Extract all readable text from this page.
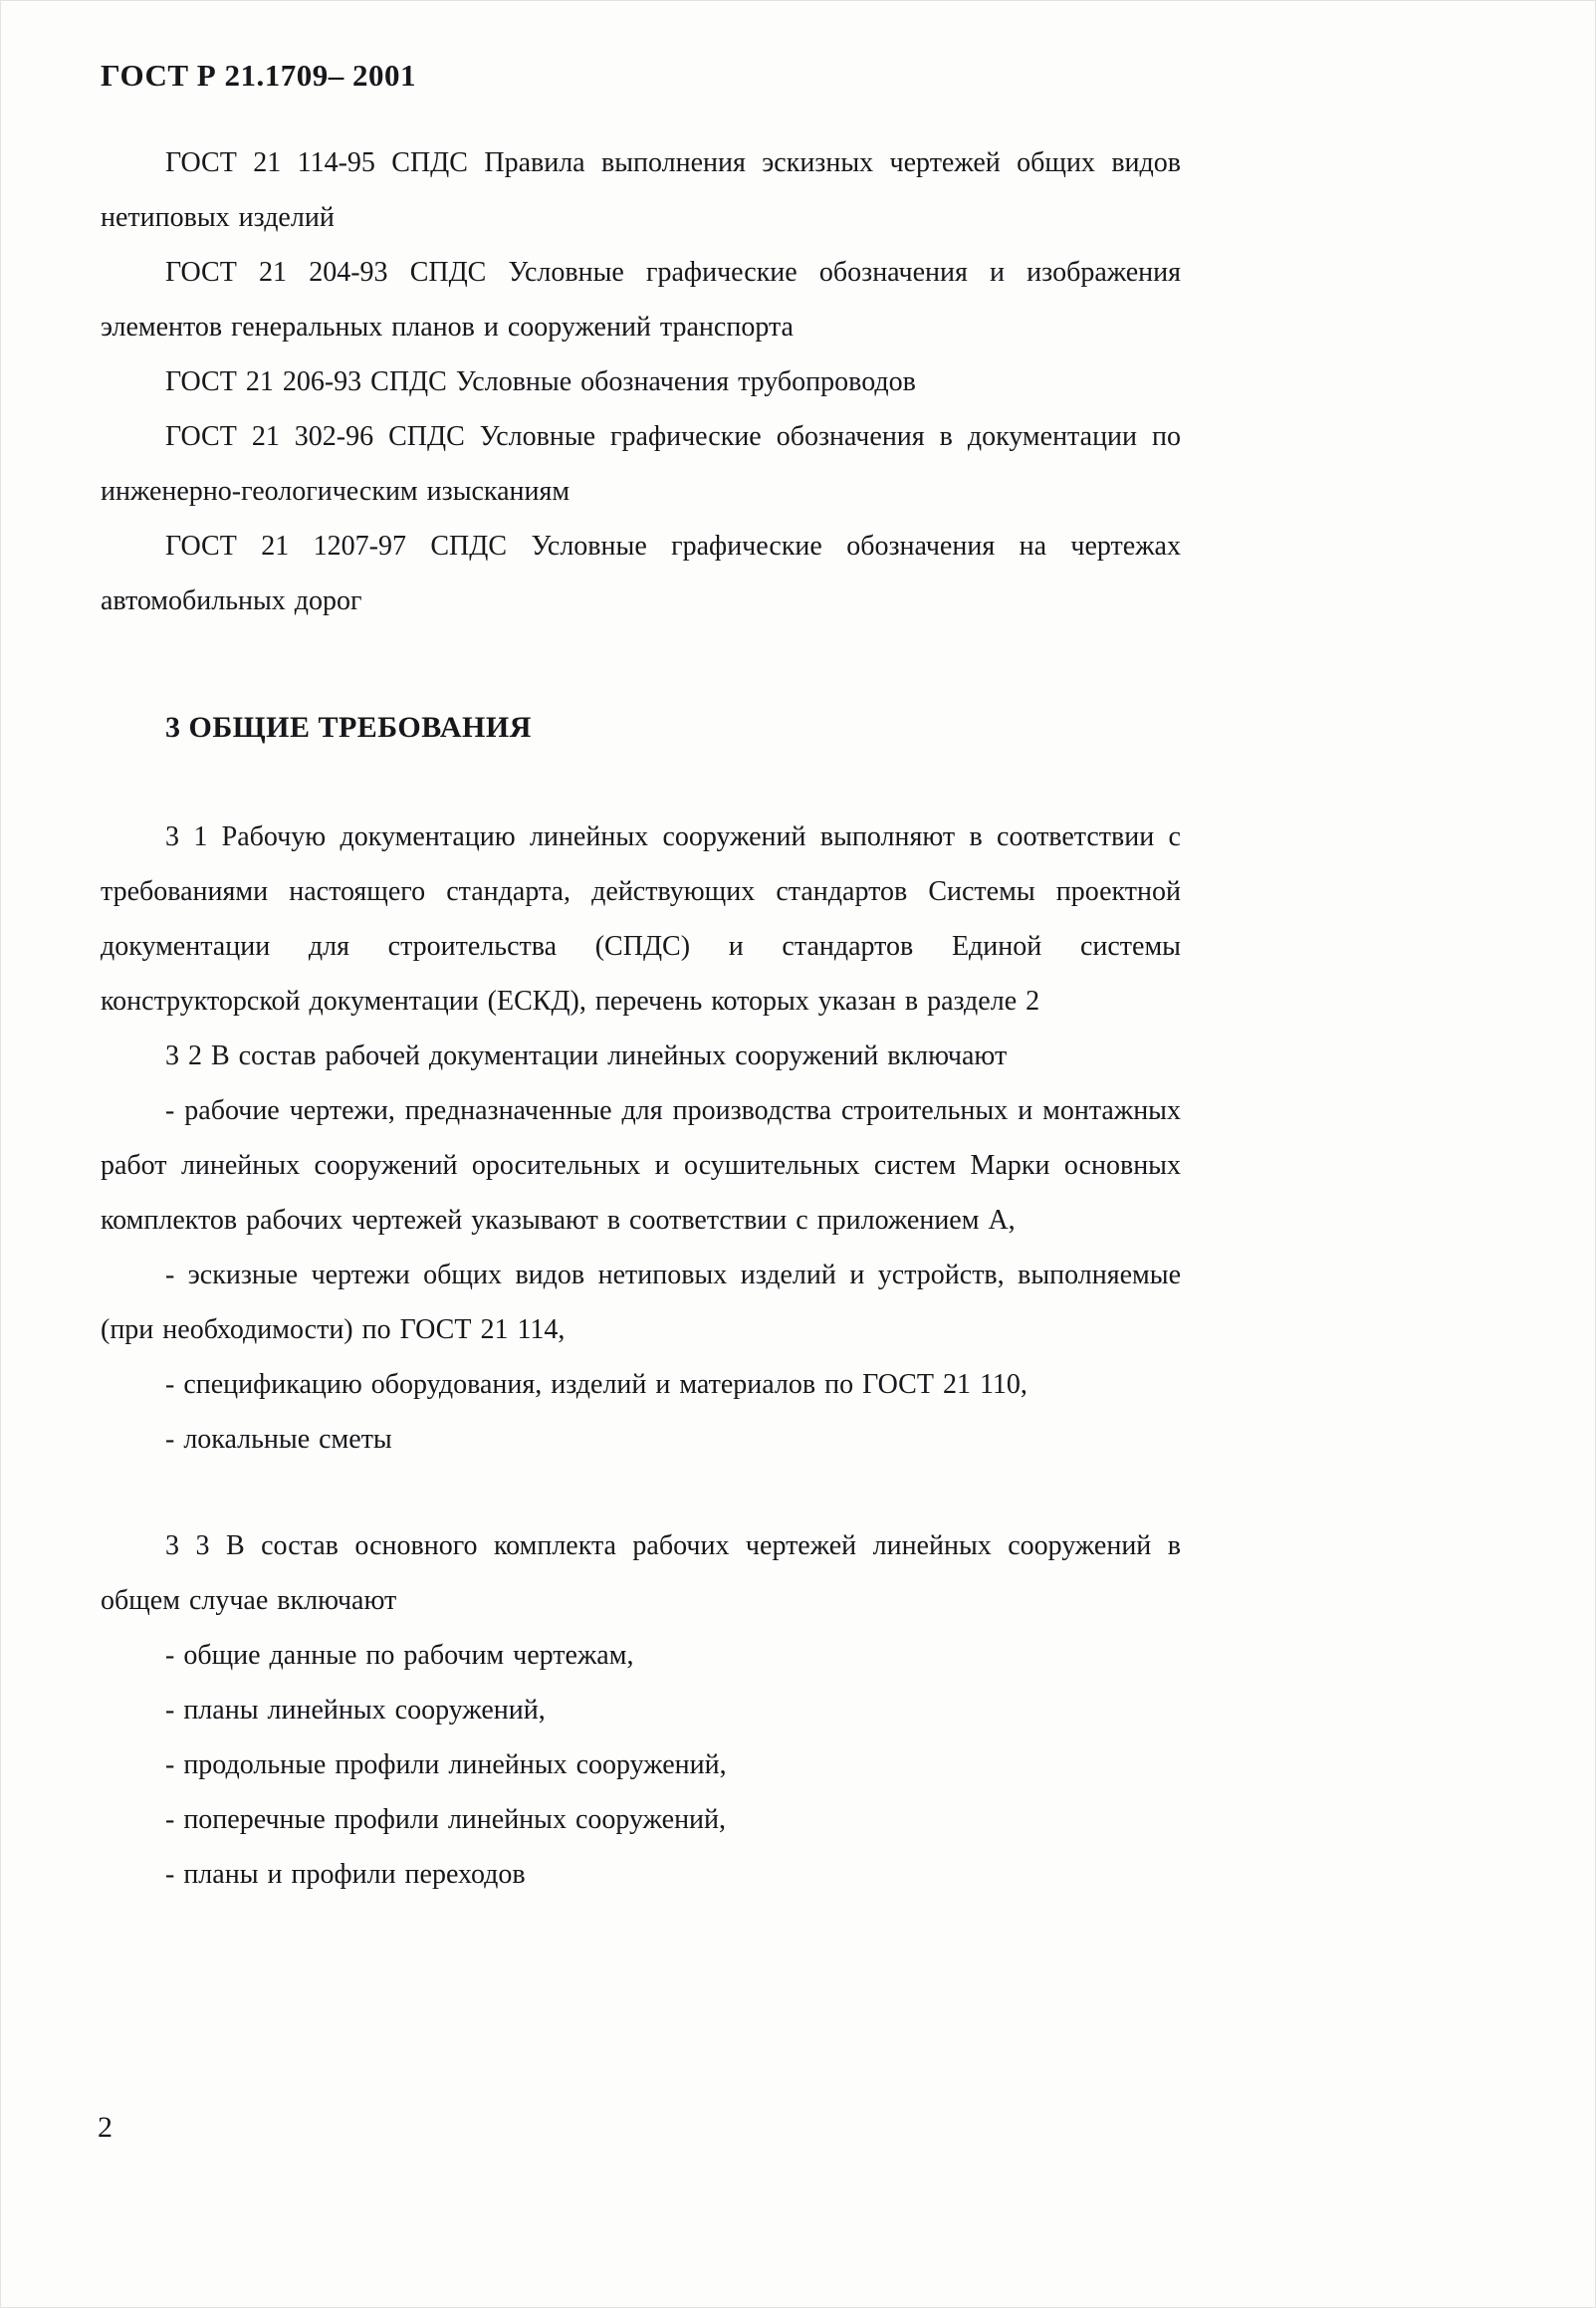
ГОСТ Р 21.1709– 2001

ГОСТ 21 114-95 СПДС Правила выполнения эскизных чертежей общих видов нетиповых изделий

ГОСТ 21 204-93 СПДС Условные графические обозначения и изображения элементов генеральных планов и сооружений транспорта

ГОСТ 21 206-93 СПДС Условные обозначения трубопроводов

ГОСТ 21 302-96 СПДС Условные графические обозначения в документации по инженерно-геологическим изысканиям

ГОСТ 21 1207-97 СПДС Условные графические обозначения на чертежах автомобильных дорог

3 ОБЩИЕ ТРЕБОВАНИЯ

3 1 Рабочую документацию линейных сооружений выполняют в соответствии с требованиями настоящего стандарта, действующих стандартов Системы проектной документации для строительства (СПДС) и стандартов Единой системы конструкторской документации (ЕСКД), перечень которых указан в разделе 2

3 2 В состав рабочей документации линейных сооружений включают

- рабочие чертежи, предназначенные для производства строительных и монтажных работ линейных сооружений оросительных и осушительных систем Марки основных комплектов рабочих чертежей указывают в соответствии с приложением А,

- эскизные чертежи общих видов нетиповых изделий и устройств, выполняемые (при необходимости) по ГОСТ 21 114,

- спецификацию оборудования, изделий и материалов по ГОСТ 21 110,

- локальные сметы

3 3 В состав основного комплекта рабочих чертежей линейных сооружений в общем случае включают

- общие данные по рабочим чертежам,

- планы линейных сооружений,

- продольные профили линейных сооружений,

- поперечные профили линейных сооружений,

- планы и профили переходов

2
